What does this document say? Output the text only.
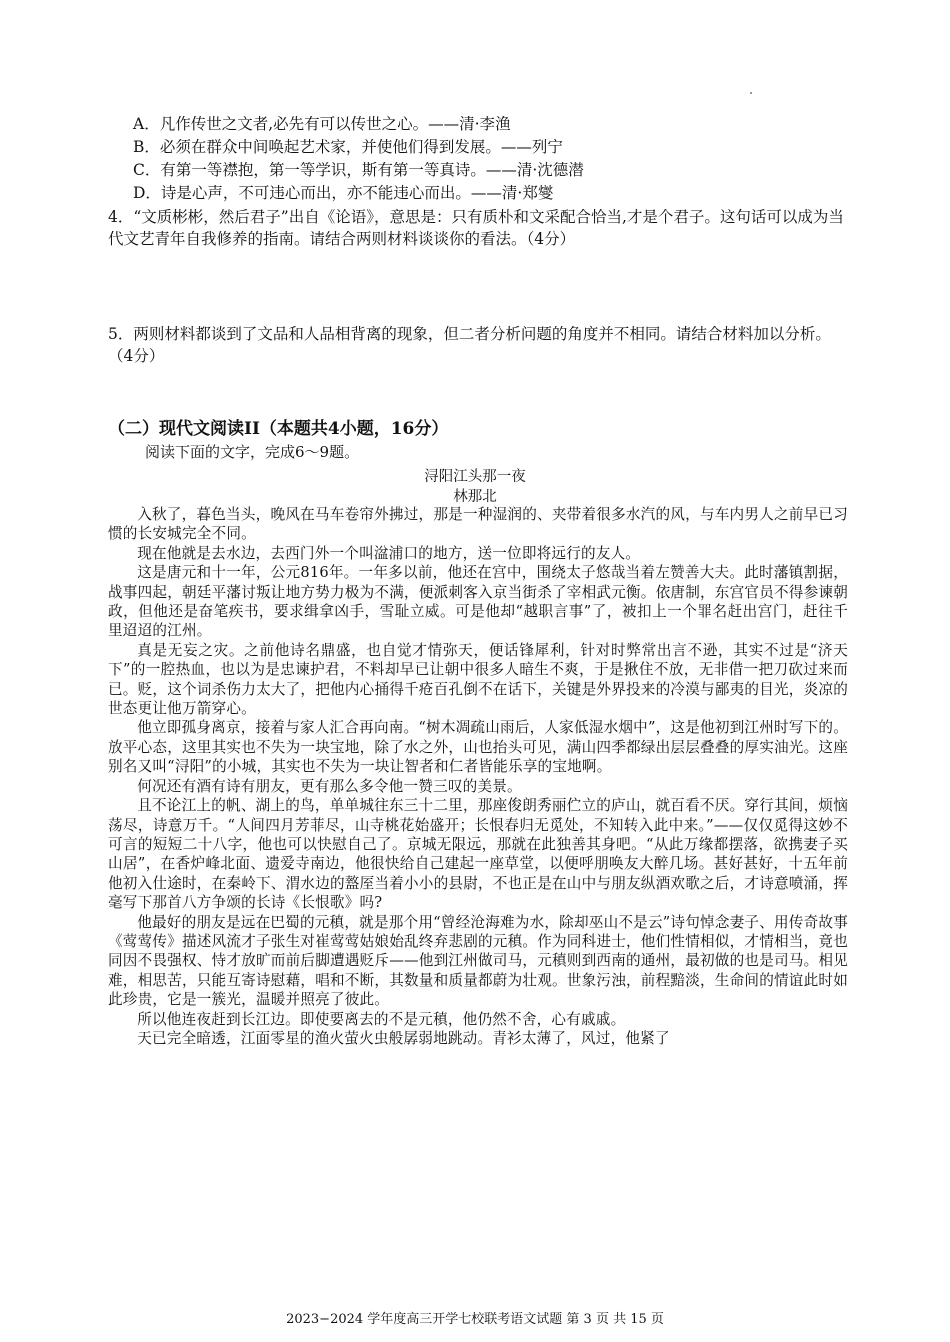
A．凡作传世之文者,必先有可以传世之心。——清·李渔
B．必须在群众中间唤起艺术家，并使他们得到发展。——列宁
C．有第一等襟抱，第一等学识，斯有第一等真诗。——清·沈德潜
D．诗是心声，不可违心而出，亦不能违心而出。——清·郑燮
4．“文质彬彬，然后君子”出自《论语》，意思是：只有质朴和文采配合恰当,才是个君子。这句话可以成为当代文艺青年自我修养的指南。请结合两则材料谈谈你的看法。（4分）
5．两则材料都谈到了文品和人品相背离的现象，但二者分析问题的角度并不相同。请结合材料加以分析。（4分）
（二）现代文阅读II（本题共4小题，16分）
阅读下面的文字，完成6～9题。
浔阳江头那一夜
林那北

入秋了，暮色当头，晚风在马车卷帘外拂过，那是一种湿润的、夹带着很多水汽的风，与车内男人之前早已习惯的长安城完全不同。

现在他就是去水边，去西门外一个叫湓浦口的地方，送一位即将远行的友人。

这是唐元和十一年，公元816年。一年多以前，他还在宫中，围绕太子悠哉当着左赞善大夫。此时藩镇割据，战事四起，朝廷平藩讨叛让地方势力极为不满，便派刺客入京当街杀了宰相武元衡。依唐制，东宫官员不得参谏朝政，但他还是奋笔疾书，要求缉拿凶手，雪耻立威。可是他却“越职言事”了，被扣上一个罪名赶出宫门，赶往千里迢迢的江州。

真是无妄之灾。之前他诗名鼎盛，也自觉才情弥天，便话锋犀利，针对时弊常出言不逊，其实不过是“济天下”的一腔热血，也以为是忠谏护君，不料却早已让朝中很多人暗生不爽，于是揪住不放，无非借一把刀砍过来而已。贬，这个词杀伤力太大了，把他内心捅得千疮百孔倒不在话下，关键是外界投来的冷漠与鄙夷的目光，炎凉的世态更让他万箭穿心。

他立即孤身离京，接着与家人汇合再向南。“树木凋疏山雨后，人家低湿水烟中”，这是他初到江州时写下的。放平心态，这里其实也不失为一块宝地，除了水之外，山也抬头可见，满山四季都绿出层层叠叠的厚实油光。这座别名又叫“浔阳”的小城，其实也不失为一块让智者和仁者皆能乐享的宝地啊。

何况还有酒有诗有朋友，更有那么多令他一赞三叹的美景。

且不论江上的帆、湖上的鸟，单单城往东三十二里，那座俊朗秀丽伫立的庐山，就百看不厌。穿行其间，烦恼荡尽，诗意万千。“人间四月芳菲尽，山寺桃花始盛开；长恨春归无觅处，不知转入此中来。”——仅仅觅得这妙不可言的短短二十八字，他也可以快慰自己了。京城无限远，那就在此独善其身吧。“从此万缘都摆落，欲携妻子买山居”，在香炉峰北面、遗爱寺南边，他很快给自己建起一座草堂，以便呼朋唤友大醉几场。甚好甚好，十五年前他初入仕途时，在秦岭下、渭水边的盩厔当着小小的县尉，不也正是在山中与朋友纵酒欢歌之后，才诗意喷涌，挥毫写下那首八方争颂的长诗《长恨歌》吗?

他最好的朋友是远在巴蜀的元稹，就是那个用“曾经沧海难为水，除却巫山不是云”诗句悼念妻子、用传奇故事《莺莺传》描述风流才子张生对崔莺莺姑娘始乱终弃悲剧的元稹。作为同科进士，他们性情相似，才情相当，竟也同因不畏强权、恃才放旷而前后脚遭遇贬斥——他到江州做司马，元稹则到西南的通州，最初做的也是司马。相见难，相思苦，只能互寄诗慰藉，唱和不断，其数量和质量都蔚为壮观。世象污浊，前程黯淡，生命间的情谊此时如此珍贵，它是一簇光，温暖并照亮了彼此。

所以他连夜赶到长江边。即使要离去的不是元稹，他仍然不舍，心有戚戚。

天已完全暗透，江面零星的渔火萤火虫般孱弱地跳动。青衫太薄了，风过，他紧了

2023−2024 学年度高三开学七校联考语文试题 第 3 页 共 15 页
